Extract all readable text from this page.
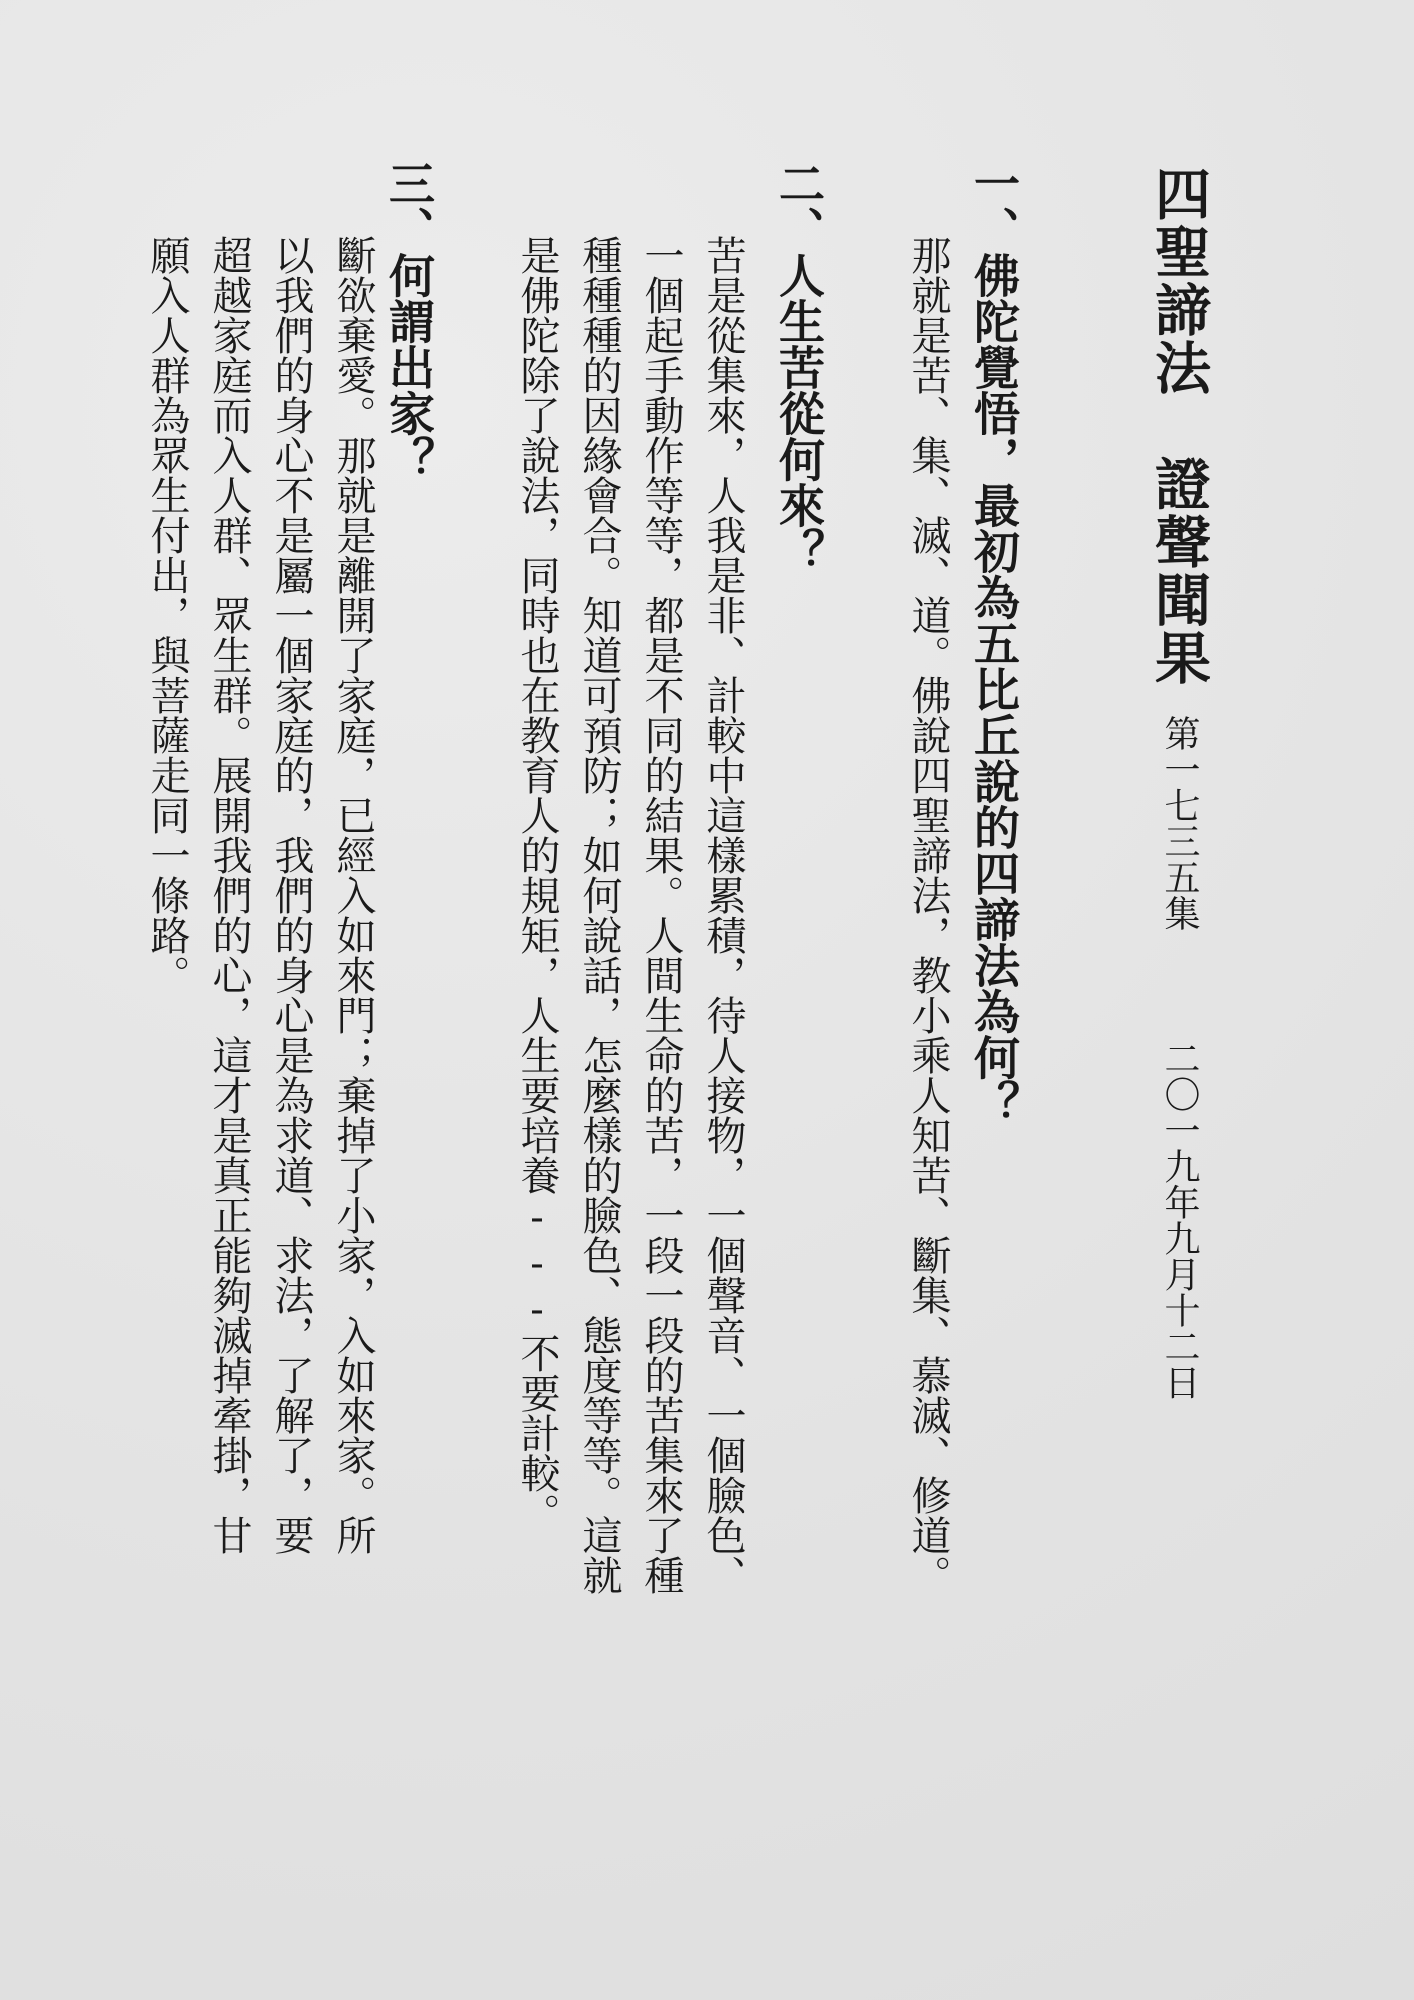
四聖諦法　證聲聞果
第一七三五集
二〇一九年九月十二日
一、佛陀覺悟，最初為五比丘說的四諦法為何？
那就是苦、集、滅、道。佛說四聖諦法，教小乘人知苦、斷集、慕滅、修道。
二、人生苦從何來？
苦是從集來，人我是非、計較中這樣累積，待人接物，一個聲音、一個臉色、
一個起手動作等等，都是不同的結果。人間生命的苦，一段一段的苦集來了種
種種種的因緣會合。知道可預防；如何說話，怎麼樣的臉色、態度等等。這就
是佛陀除了說法，同時也在教育人的規矩，人生要培養---不要計較。
三、何謂出家？
斷欲棄愛。那就是離開了家庭，已經入如來門；棄掉了小家，入如來家。所
以我們的身心不是屬一個家庭的，我們的身心是為求道、求法，了解了，要
超越家庭而入人群、眾生群。展開我們的心，這才是真正能夠滅掉牽掛，甘
願入人群為眾生付出，與菩薩走同一條路。
